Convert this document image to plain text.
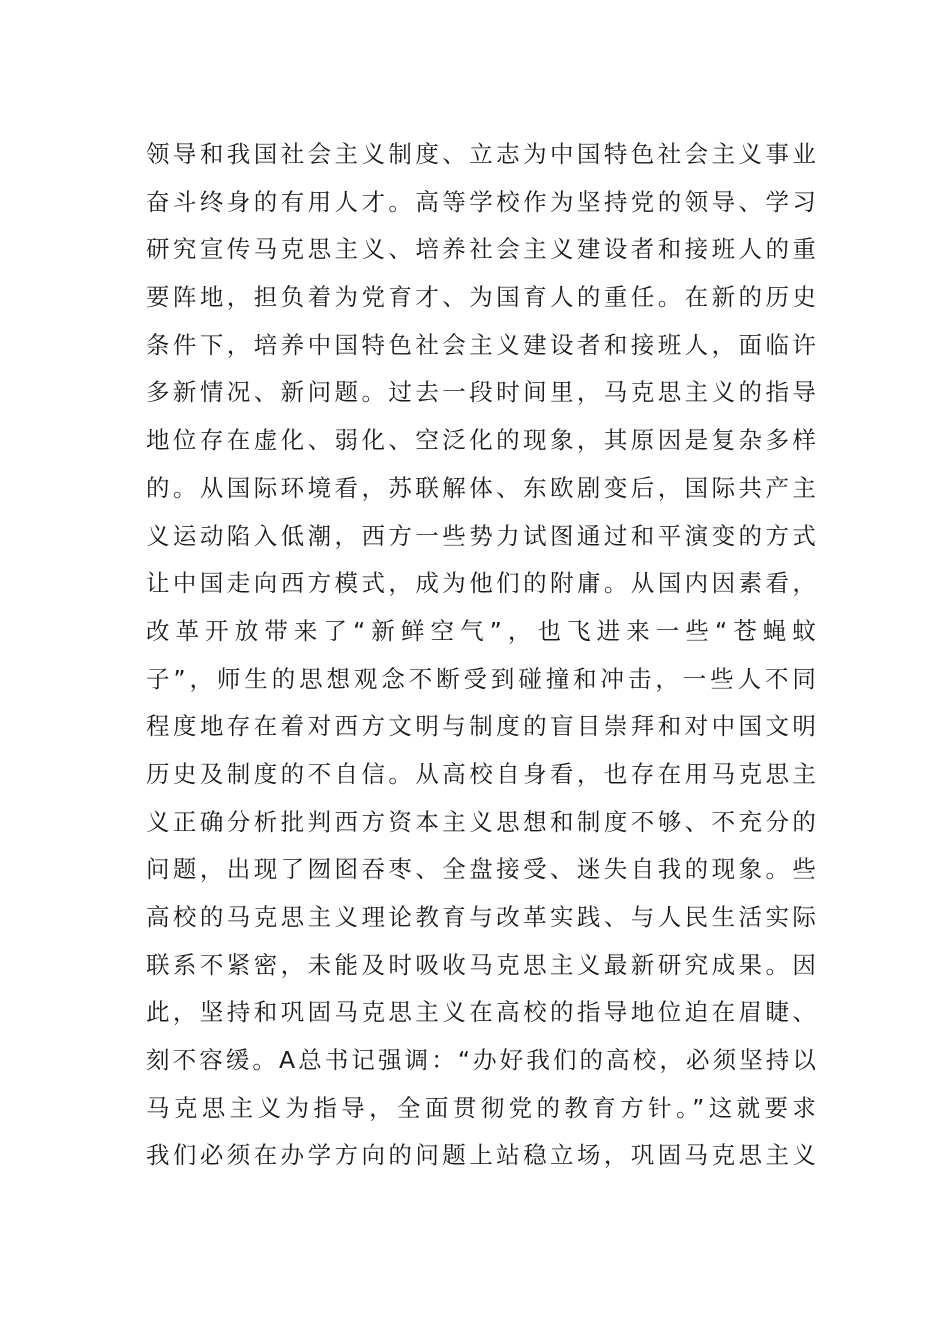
领导和我国社会主义制度、立志为中国特色社会主义事业
奋斗终身的有用人才。高等学校作为坚持党的领导、学习
研究宣传马克思主义、培养社会主义建设者和接班人的重
要阵地，担负着为党育才、为国育人的重任。在新的历史
条件下，培养中国特色社会主义建设者和接班人，面临许
多新情况、新问题。过去一段时间里，马克思主义的指导
地位存在虚化、弱化、空泛化的现象，其原因是复杂多样
的。从国际环境看，苏联解体、东欧剧变后，国际共产主
义运动陷入低潮，西方一些势力试图通过和平演变的方式
让中国走向西方模式，成为他们的附庸。从国内因素看，
改革开放带来了“新鲜空气”，也飞进来一些“苍蝇蚊
子”，师生的思想观念不断受到碰撞和冲击，一些人不同
程度地存在着对西方文明与制度的盲目崇拜和对中国文明
历史及制度的不自信。从高校自身看，也存在用马克思主
义正确分析批判西方资本主义思想和制度不够、不充分的
问题，出现了囫囵吞枣、全盘接受、迷失自我的现象。些
高校的马克思主义理论教育与改革实践、与人民生活实际
联系不紧密，未能及时吸收马克思主义最新研究成果。因
此，坚持和巩固马克思主义在高校的指导地位迫在眉睫、
刻不容缓。A总书记强调：“办好我们的高校，必须坚持以
马克思主义为指导，全面贯彻党的教育方针。”这就要求
我们必须在办学方向的问题上站稳立场，巩固马克思主义
